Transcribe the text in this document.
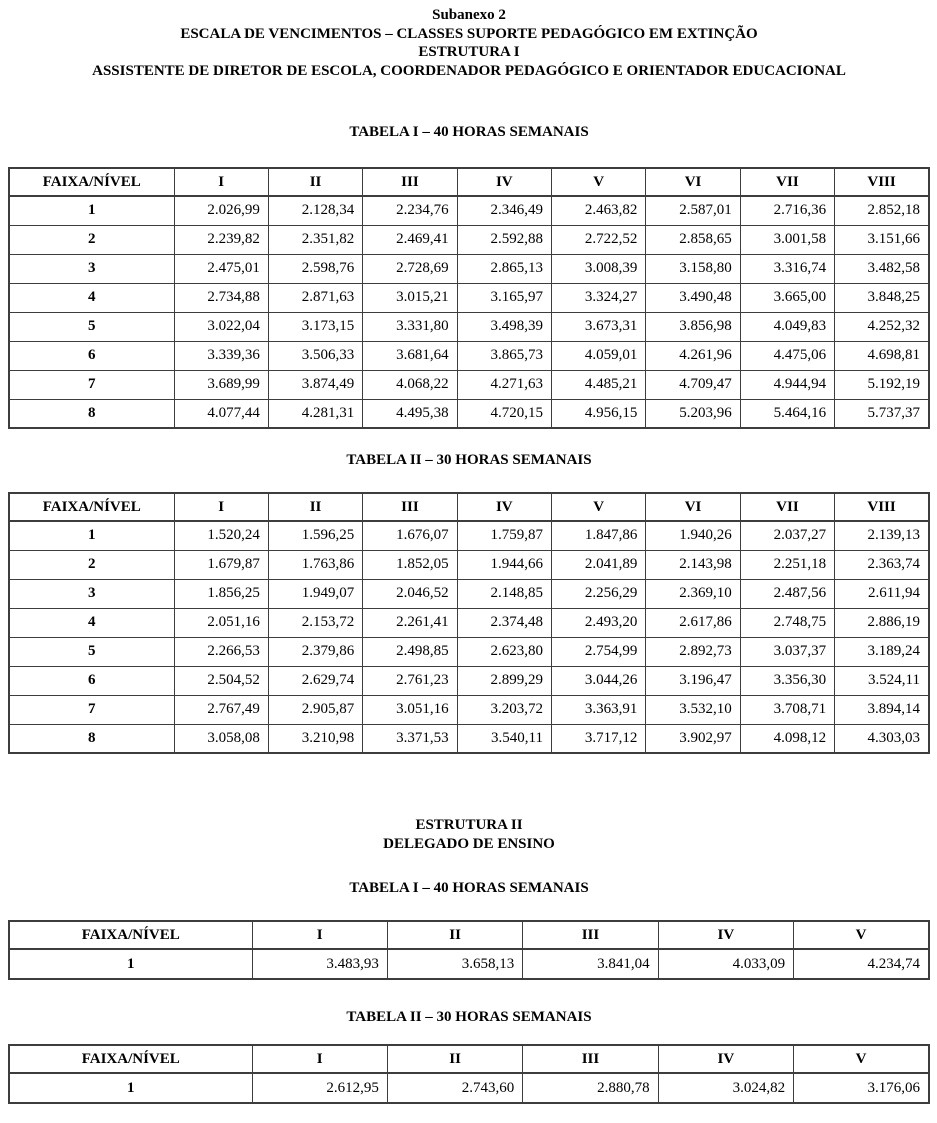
Subanexo 2
ESCALA DE VENCIMENTOS – CLASSES SUPORTE PEDAGÓGICO EM EXTINÇÃO
ESTRUTURA I
ASSISTENTE DE DIRETOR DE ESCOLA, COORDENADOR PEDAGÓGICO E ORIENTADOR EDUCACIONAL
TABELA I – 40 HORAS SEMANAIS
FAIXA/NÍVEL	I	II	III	IV	V	VI	VII	VIII
1	2.026,99	2.128,34	2.234,76	2.346,49	2.463,82	2.587,01	2.716,36	2.852,18
2	2.239,82	2.351,82	2.469,41	2.592,88	2.722,52	2.858,65	3.001,58	3.151,66
3	2.475,01	2.598,76	2.728,69	2.865,13	3.008,39	3.158,80	3.316,74	3.482,58
4	2.734,88	2.871,63	3.015,21	3.165,97	3.324,27	3.490,48	3.665,00	3.848,25
5	3.022,04	3.173,15	3.331,80	3.498,39	3.673,31	3.856,98	4.049,83	4.252,32
6	3.339,36	3.506,33	3.681,64	3.865,73	4.059,01	4.261,96	4.475,06	4.698,81
7	3.689,99	3.874,49	4.068,22	4.271,63	4.485,21	4.709,47	4.944,94	5.192,19
8	4.077,44	4.281,31	4.495,38	4.720,15	4.956,15	5.203,96	5.464,16	5.737,37
TABELA II – 30 HORAS SEMANAIS
FAIXA/NÍVEL	I	II	III	IV	V	VI	VII	VIII
1	1.520,24	1.596,25	1.676,07	1.759,87	1.847,86	1.940,26	2.037,27	2.139,13
2	1.679,87	1.763,86	1.852,05	1.944,66	2.041,89	2.143,98	2.251,18	2.363,74
3	1.856,25	1.949,07	2.046,52	2.148,85	2.256,29	2.369,10	2.487,56	2.611,94
4	2.051,16	2.153,72	2.261,41	2.374,48	2.493,20	2.617,86	2.748,75	2.886,19
5	2.266,53	2.379,86	2.498,85	2.623,80	2.754,99	2.892,73	3.037,37	3.189,24
6	2.504,52	2.629,74	2.761,23	2.899,29	3.044,26	3.196,47	3.356,30	3.524,11
7	2.767,49	2.905,87	3.051,16	3.203,72	3.363,91	3.532,10	3.708,71	3.894,14
8	3.058,08	3.210,98	3.371,53	3.540,11	3.717,12	3.902,97	4.098,12	4.303,03
ESTRUTURA II
DELEGADO DE ENSINO
TABELA I – 40 HORAS SEMANAIS
FAIXA/NÍVEL	I	II	III	IV	V
1	3.483,93	3.658,13	3.841,04	4.033,09	4.234,74
TABELA II – 30 HORAS SEMANAIS
FAIXA/NÍVEL	I	II	III	IV	V
1	2.612,95	2.743,60	2.880,78	3.024,82	3.176,06
